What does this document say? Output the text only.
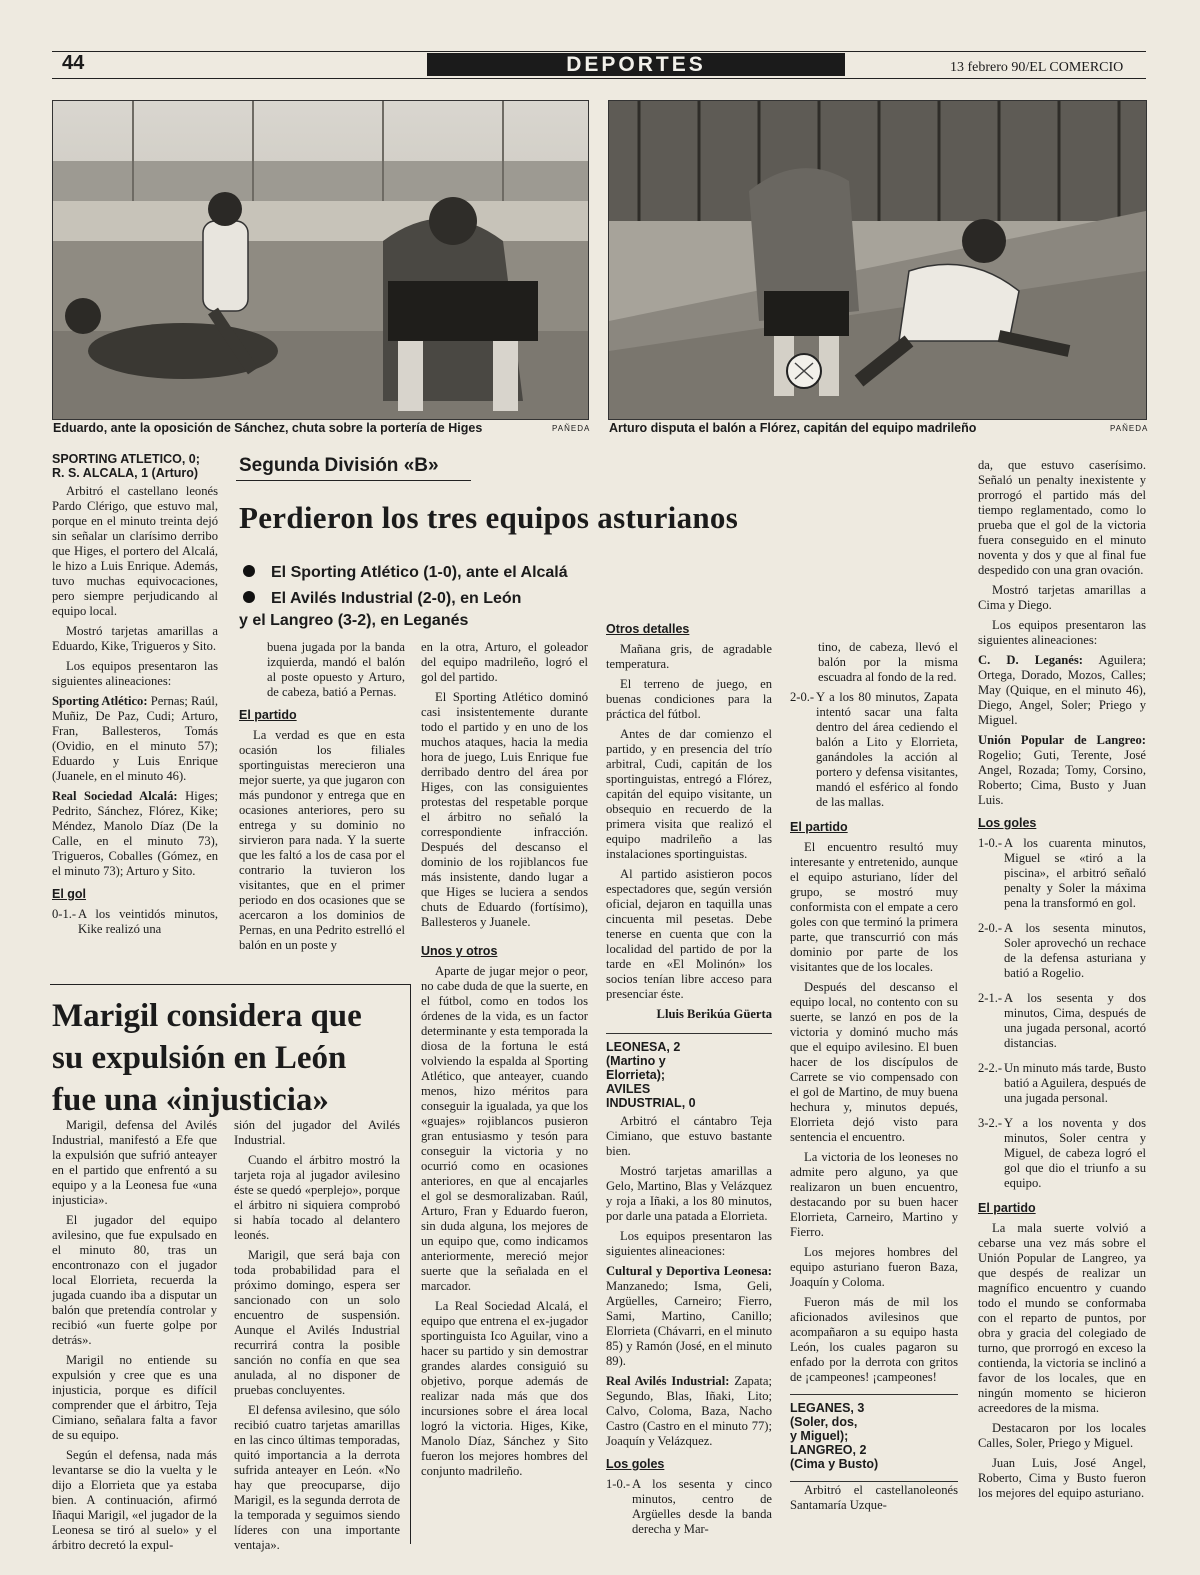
44	DEPORTES	13 febrero 90/EL COMERCIO
Eduardo, ante la oposición de Sánchez, chuta sobre la portería de Higes	PAÑEDA Arturo disputa el balón a Flórez, capitán del equipo madrileño	PAÑEDA
SPORTING ATLETICO, 0;
R. S. ALCALA, 1 (Arturo)

Arbitró el castellano leonés Pardo Clérigo, que estuvo mal, porque en el minuto treinta dejó sin señalar un clarísimo derribo que Higes, el portero del Alcalá, le hizo a Luis Enrique. Además, tuvo muchas equivocaciones, pero siempre perjudicando al equipo local.

Mostró tarjetas amarillas a Eduardo, Kike, Trigueros y Sito.

Los equipos presentaron las siguientes alineaciones:

Sporting Atlético: Pernas; Raúl, Muñiz, De Paz, Cudi; Arturo, Fran, Ballesteros, Tomás (Ovidio, en el minuto 57); Eduardo y Luis Enrique (Juanele, en el minuto 46).

Real Sociedad Alcalá: Higes; Pedrito, Sánchez, Flórez, Kike; Méndez, Manolo Díaz (De la Calle, en el minuto 73), Trigueros, Coballes (Gómez, en el minuto 73); Arturo y Sito.

El gol

0-1.- A los veintidós minutos, Kike realizó una

Segunda División «B»
Perdieron los tres equipos asturianos
El Sporting Atlético (1-0), ante el Alcalá
El Avilés Industrial (2-0), en León
y el Langreo (3-2), en Leganés

buena jugada por la banda izquierda, mandó el balón al poste opuesto y Arturo, de cabeza, batió a Pernas.

El partido

La verdad es que en esta ocasión los filiales sportinguistas merecieron una mejor suerte, ya que jugaron con más pundonor y entrega que en ocasiones anteriores, pero su entrega y su dominio no sirvieron para nada. Y la suerte que les faltó a los de casa por el contrario la tuvieron los visitantes, que en el primer periodo en dos ocasiones que se acercaron a los dominios de Pernas, en una Pedrito estrelló el balón en un poste y

en la otra, Arturo, el goleador del equipo madrileño, logró el gol del partido.

El Sporting Atlético dominó casi insistentemente durante todo el partido y en uno de los muchos ataques, hacia la media hora de juego, Luis Enrique fue derribado dentro del área por Higes, con las consiguientes protestas del respetable porque el árbitro no señaló la correspondiente infracción. Después del descanso el dominio de los rojiblancos fue más insistente, dando lugar a que Higes se luciera a sendos chuts de Eduardo (fortísimo), Ballesteros y Juanele.

Unos y otros

Aparte de jugar mejor o peor, no cabe duda de que la suerte, en el fútbol, como en todos los órdenes de la vida, es un factor determinante y esta temporada la diosa de la fortuna le está volviendo la espalda al Sporting Atlético, que anteayer, cuando menos, hizo méritos para conseguir la igualada, ya que los «guajes» rojiblancos pusieron gran entusiasmo y tesón para conseguir la victoria y no ocurrió como en ocasiones anteriores, en que al encajarles el gol se desmoralizaban. Raúl, Arturo, Fran y Eduardo fueron, sin duda alguna, los mejores de un equipo que, como indicamos anteriormente, mereció mejor suerte que la señalada en el marcador.

La Real Sociedad Alcalá, el equipo que entrena el ex-jugador sportinguista Ico Aguilar, vino a hacer su partido y sin demostrar grandes alardes consiguió su objetivo, porque además de realizar nada más que dos incursiones sobre el área local logró la victoria. Higes, Kike, Manolo Díaz, Sánchez y Sito fueron los mejores hombres del conjunto madrileño.

Otros detalles

Mañana gris, de agradable temperatura.

El terreno de juego, en buenas condiciones para la práctica del fútbol.

Antes de dar comienzo el partido, y en presencia del trío arbitral, Cudi, capitán de los sportinguistas, entregó a Flórez, capitán del equipo visitante, un obsequio en recuerdo de la primera visita que realizó el equipo madrileño a las instalaciones sportinguistas.

Al partido asistieron pocos espectadores que, según versión oficial, dejaron en taquilla unas cincuenta mil pesetas. Debe tenerse en cuenta que con la localidad del partido de por la tarde en «El Molinón» los socios tenían libre acceso para presenciar éste.

Lluis Berikúa Güerta

LEONESA, 2
(Martino y
Elorrieta);
AVILES
INDUSTRIAL, 0

Arbitró el cántabro Teja Cimiano, que estuvo bastante bien.

Mostró tarjetas amarillas a Gelo, Martino, Blas y Velázquez y roja a Iñaki, a los 80 minutos, por darle una patada a Elorrieta.

Los equipos presentaron las siguientes alineaciones:

Cultural y Deportiva Leonesa: Manzanedo; Isma, Geli, Argüelles, Carneiro; Fierro, Sami, Martino, Canillo; Elorrieta (Chávarri, en el minuto 85) y Ramón (José, en el minuto 89).

Real Avilés Industrial: Zapata; Segundo, Blas, Iñaki, Lito; Calvo, Coloma, Baza, Nacho Castro (Castro en el minuto 77); Joaquín y Velázquez.

Los goles

1-0.- A los sesenta y cinco minutos, centro de Argüelles desde la banda derecha y Mar-

tino, de cabeza, llevó el balón por la misma escuadra al fondo de la red.

2-0.- Y a los 80 minutos, Zapata intentó sacar una falta dentro del área cediendo el balón a Lito y Elorrieta, ganándoles la acción al portero y defensa visitantes, mandó el esférico al fondo de las mallas.

El partido

El encuentro resultó muy interesante y entretenido, aunque el equipo asturiano, líder del grupo, se mostró muy conformista con el empate a cero goles con que terminó la primera parte, que transcurrió con más dominio por parte de los visitantes que de los locales.

Después del descanso el equipo local, no contento con su suerte, se lanzó en pos de la victoria y dominó mucho más que el equipo avilesino. El buen hacer de los discípulos de Carrete se vio compensado con el gol de Martino, de muy buena hechura y, minutos depués, Elorrieta dejó visto para sentencia el encuentro.

La victoria de los leoneses no admite pero alguno, ya que realizaron un buen encuentro, destacando por su buen hacer Elorrieta, Carneiro, Martino y Fierro.

Los mejores hombres del equipo asturiano fueron Baza, Joaquín y Coloma.

Fueron más de mil los aficionados avilesinos que acompañaron a su equipo hasta León, los cuales pagaron su enfado por la derrota con gritos de ¡campeones! ¡campeones!

LEGANES, 3
(Soler, dos,
y Miguel);
LANGREO, 2
(Cima y Busto)

Arbitró el castellanoleonés Santamaría Uzque-

da, que estuvo caserísimo. Señaló un penalty inexistente y prorrogó el partido más del tiempo reglamentado, como lo prueba que el gol de la victoria fuera conseguido en el minuto noventa y dos y que al final fue despedido con una gran ovación.

Mostró tarjetas amarillas a Cima y Diego.

Los equipos presentaron las siguientes alineaciones:

C. D. Leganés: Aguilera; Ortega, Dorado, Mozos, Calles; May (Quique, en el minuto 46), Diego, Angel, Soler; Priego y Miguel.

Unión Popular de Langreo: Rogelio; Guti, Terente, José Angel, Rozada; Tomy, Corsino, Roberto; Cima, Busto y Juan Luis.

Los goles

1-0.- A los cuarenta minutos, Miguel se «tiró a la piscina», el arbitró señaló penalty y Soler la máxima pena la transformó en gol.

2-0.- A los sesenta minutos, Soler aprovechó un rechace de la defensa asturiana y batió a Rogelio.

2-1.- A los sesenta y dos minutos, Cima, después de una jugada personal, acortó distancias.

2-2.- Un minuto más tarde, Busto batió a Aguilera, después de una jugada personal.

3-2.- Y a los noventa y dos minutos, Soler centra y Miguel, de cabeza logró el gol que dio el triunfo a su equipo.

El partido

La mala suerte volvió a cebarse una vez más sobre el Unión Popular de Langreo, ya que despés de realizar un magnífico encuentro y cuando todo el mundo se conformaba con el reparto de puntos, por obra y gracia del colegiado de turno, que prorrogó en exceso la contienda, la victoria se inclinó a favor de los locales, que en ningún momento se hicieron acreedores de la misma.

Destacaron por los locales Calles, Soler, Priego y Miguel.

Juan Luis, José Angel, Roberto, Cima y Busto fueron los mejores del equipo asturiano.

Marigil considera que
su expulsión en León
fue una «injusticia»

Marigil, defensa del Avilés Industrial, manifestó a Efe que la expulsión que sufrió anteayer en el partido que enfrentó a su equipo y a la Leonesa fue «una injusticia».

El jugador del equipo avilesino, que fue expulsado en el minuto 80, tras un encontronazo con el jugador local Elorrieta, recuerda la jugada cuando iba a disputar un balón que pretendía controlar y recibió «un fuerte golpe por detrás».

Marigil no entiende su expulsión y cree que es una injusticia, porque es difícil comprender que el árbitro, Teja Cimiano, señalara falta a favor de su equipo.

Según el defensa, nada más levantarse se dio la vuelta y le dijo a Elorrieta que ya estaba bien. A continuación, afirmó Iñaqui Marigil, «el jugador de la Leonesa se tiró al suelo» y el árbitro decretó la expul-

sión del jugador del Avilés Industrial.

Cuando el árbitro mostró la tarjeta roja al jugador avilesino éste se quedó «perplejo», porque el árbitro ni siquiera comprobó si había tocado al delantero leonés.

Marigil, que será baja con toda probabilidad para el próximo domingo, espera ser sancionado con un solo encuentro de suspensión. Aunque el Avilés Industrial recurrirá contra la posible sanción no confía en que sea anulada, al no disponer de pruebas concluyentes.

El defensa avilesino, que sólo recibió cuatro tarjetas amarillas en las cinco últimas temporadas, quitó importancia a la derrota sufrida anteayer en León. «No hay que preocuparse, dijo Marigil, es la segunda derrota de la temporada y seguimos siendo líderes con una importante ventaja».
